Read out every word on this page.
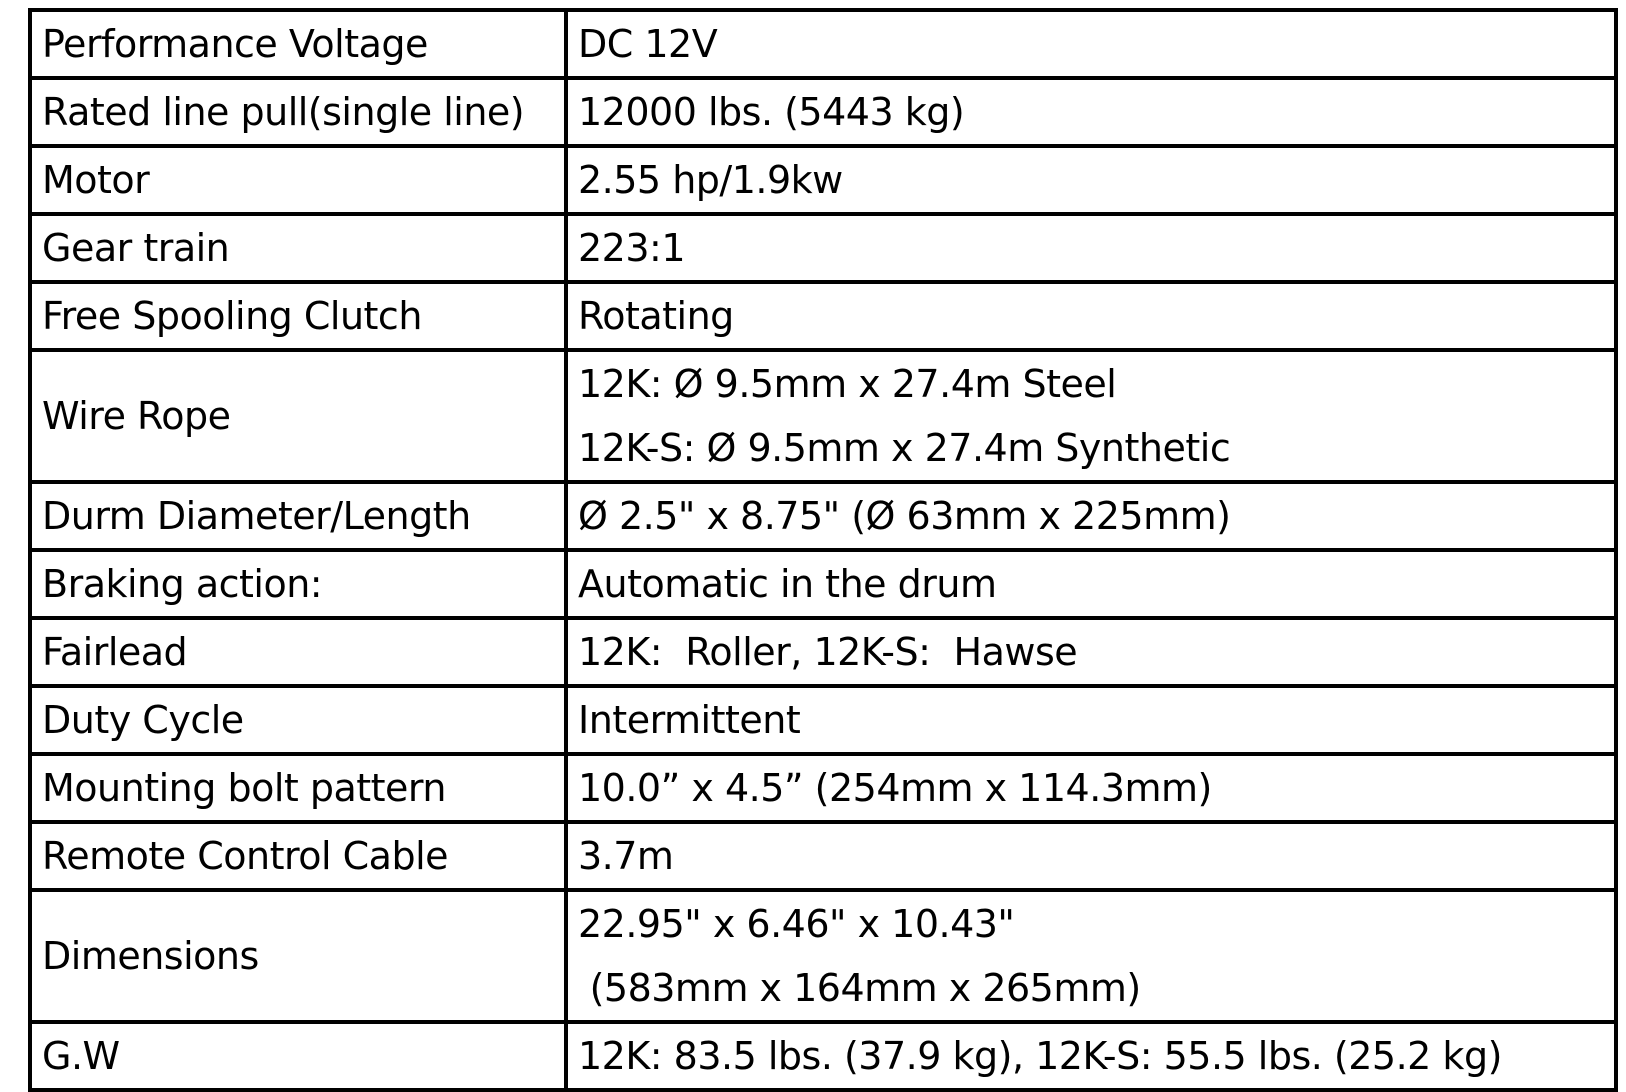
Performance Voltage	DC 12V

Rated line pull(single line)	12000 lbs. (5443 kg)

Motor	2.55 hp/1.9kw

Gear train	223:1

Free Spooling Clutch	Rotating

Wire Rope	12K: Ø 9.5mm x 27.4m Steel
12K-S: Ø 9.5mm x 27.4m Synthetic

Durm Diameter/Length	Ø 2.5" x 8.75" (Ø 63mm x 225mm)

Braking action:	Automatic in the drum

Fairlead	12K:  Roller, 12K-S:  Hawse

Duty Cycle	Intermittent

Mounting bolt pattern	10.0” x 4.5” (254mm x 114.3mm)

Remote Control Cable	3.7m

Dimensions	22.95" x 6.46" x 10.43"
(583mm x 164mm x 265mm)

G.W	12K: 83.5 lbs. (37.9 kg), 12K-S: 55.5 lbs. (25.2 kg)
